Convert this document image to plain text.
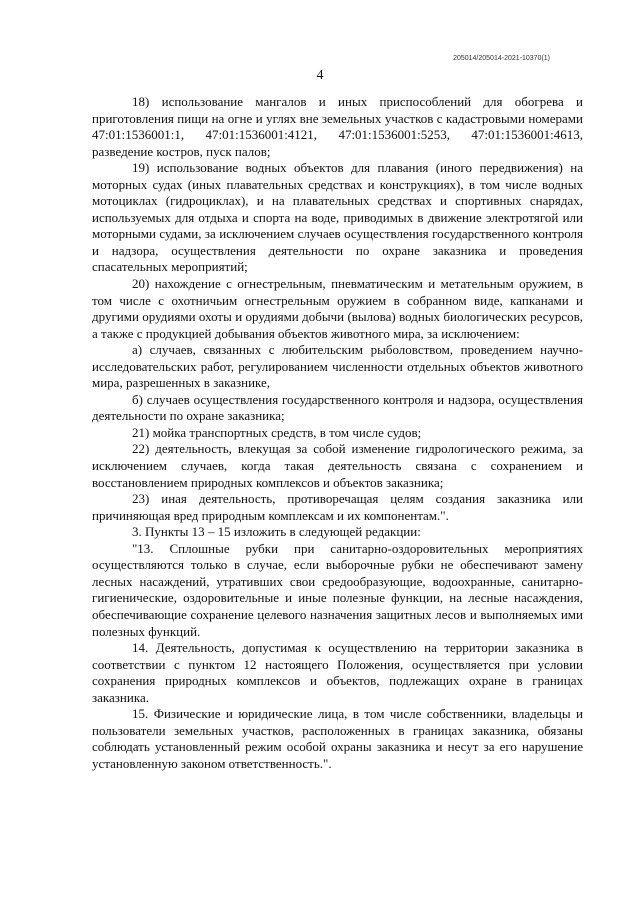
205014/205014-2021-10370(1)
4

18) использование мангалов и иных приспособлений для обогрева и приготовления пищи на огне и углях вне земельных участков с кадастровыми номерами 47:01:1536001:1, 47:01:1536001:4121, 47:01:1536001:5253, 47:01:1536001:4613, разведение костров, пуск палов;

19) использование водных объектов для плавания (иного передвижения) на моторных судах (иных плавательных средствах и конструкциях), в том числе водных мотоциклах (гидроциклах), и на плавательных средствах и спортивных снарядах, используемых для отдыха и спорта на воде, приводимых в движение электротягой или моторными судами, за исключением случаев осуществления государственного контроля и надзора, осуществления деятельности по охране заказника и проведения спасательных мероприятий;

20) нахождение с огнестрельным, пневматическим и метательным оружием, в том числе с охотничьим огнестрельным оружием в собранном виде, капканами и другими орудиями охоты и орудиями добычи (вылова) водных биологических ресурсов, а также с продукцией добывания объектов животного мира, за исключением:

а) случаев, связанных с любительским рыболовством, проведением научно-исследовательских работ, регулированием численности отдельных объектов животного мира, разрешенных в заказнике,

б) случаев осуществления государственного контроля и надзора, осуществления деятельности по охране заказника;

21) мойка транспортных средств, в том числе судов;

22) деятельность, влекущая за собой изменение гидрологического режима, за исключением случаев, когда такая деятельность связана с сохранением и восстановлением природных комплексов и объектов заказника;

23) иная деятельность, противоречащая целям создания заказника или причиняющая вред природным комплексам и их компонентам.".

3. Пункты 13 – 15 изложить в следующей редакции:

"13. Сплошные рубки при санитарно-оздоровительных мероприятиях осуществляются только в случае, если выборочные рубки не обеспечивают замену лесных насаждений, утративших свои средообразующие, водоохранные, санитарно-гигиенические, оздоровительные и иные полезные функции, на лесные насаждения, обеспечивающие сохранение целевого назначения защитных лесов и выполняемых ими полезных функций.

14. Деятельность, допустимая к осуществлению на территории заказника в соответствии с пунктом 12 настоящего Положения, осуществляется при условии сохранения природных комплексов и объектов, подлежащих охране в границах заказника.

15. Физические и юридические лица, в том числе собственники, владельцы и пользователи земельных участков, расположенных в границах заказника, обязаны соблюдать установленный режим особой охраны заказника и несут за его нарушение установленную законом ответственность.".
